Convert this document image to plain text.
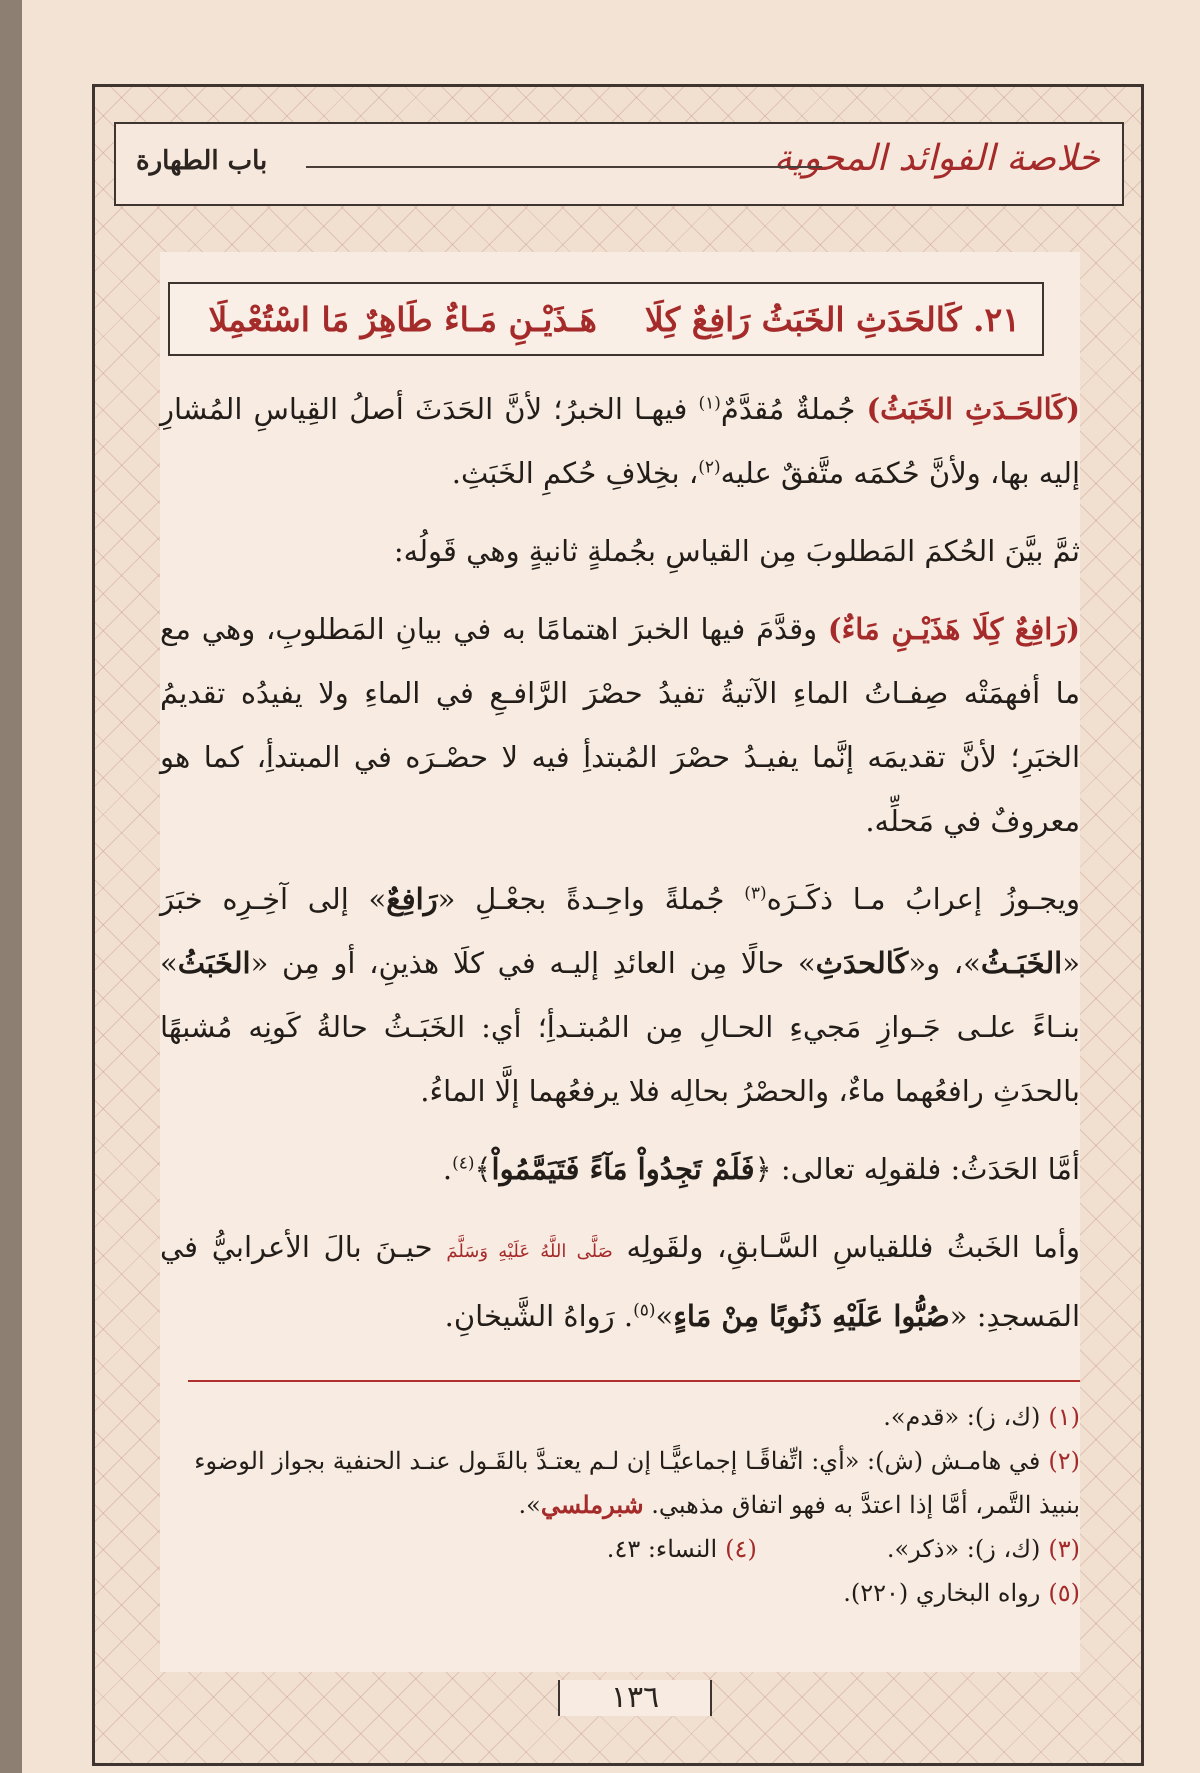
خلاصة الفوائد المحوية
باب الطهارة
٢١. كَالحَدَثِ الخَبَثُ رَافِعٌ كِلَا
هَـذَيْـنِ مَـاءٌ طَاهِرٌ مَا اسْتُعْمِلَا

(كَالحَـدَثِ الخَبَثُ) جُملةٌ مُقدَّمٌ$^{(١)}$ فيهـا الخبرُ؛ لأنَّ الحَدَثَ أصلُ القِياسِ المُشارِ إليه بها، ولأنَّ حُكمَه متَّفقٌ عليه$^{(٢)}$، بخِلافِ حُكمِ الخَبَثِ.

ثمَّ بيَّنَ الحُكمَ المَطلوبَ مِن القياسِ بجُملةٍ ثانيةٍ وهي قَولُه:

(رَافِعٌ كِلَا هَذَيْـنِ مَاءٌ) وقدَّمَ فيها الخبرَ اهتمامًا به في بيانِ المَطلوبِ، وهي مع ما أفهمَتْه صِفـاتُ الماءِ الآتيةُ تفيدُ حصْرَ الرَّافـعِ في الماءِ ولا يفيدُه تقديمُ الخبَرِ؛ لأنَّ تقديمَه إنَّما يفيـدُ حصْرَ المُبتدأِ فيه لا حصْـرَه في المبتدأِ، كما هو معروفٌ في مَحلِّه.

ويجـوزُ إعرابُ مـا ذكَـرَه$^{(٣)}$ جُملةً واحِـدةً بجعْـلِ «رَافِعٌ» إلى آخِـرِه خبَرَ «الخَبَـثُ»، و«كَالحدَثِ» حالًا مِن العائدِ إليـه في كلَا هذينِ، أو مِن «الخَبَثُ» بنـاءً علـى جَـوازِ مَجيءِ الحـالِ مِن المُبتـدأِ؛ أي: الخَبَـثُ حالةُ كَونِه مُشبهًا بالحدَثِ رافعُهما ماءٌ، والحصْرُ بحالِه فلا يرفعُهما إلَّا الماءُ.

أمَّا الحَدَثُ: فلقولِه تعالى: ﴿فَلَمْ تَجِدُواْ مَآءً فَتَيَمَّمُواْ﴾$^{(٤)}$.

وأما الخَبثُ فللقياسِ السَّـابقِ، ولقَولِه صَلَّى اللَّهُ عَلَيْهِ وَسَلَّمَ حيـنَ بالَ الأعرابيُّ في المَسجدِ: «صُبُّوا عَلَيْهِ ذَنُوبًا مِنْ مَاءٍ»$^{(٥)}$. رَواهُ الشَّيخانِ.

(١)(ك، ز): «قدم».
(٢)في هامـش (ش): «أي: اتِّفاقًـا إجماعيًّـا إن لـم يعتـدَّ بالقَـول عنـد الحنفية بجواز الوضوء بنبيذ التَّمر، أمَّا إذا اعتدَّ به فهو اتفاق مذهبي. شبرملسي».
(٣)(ك، ز): «ذكر».(٤)النساء: ٤٣.
(٥)رواه البخاري (٢٢٠).
١٣٦
